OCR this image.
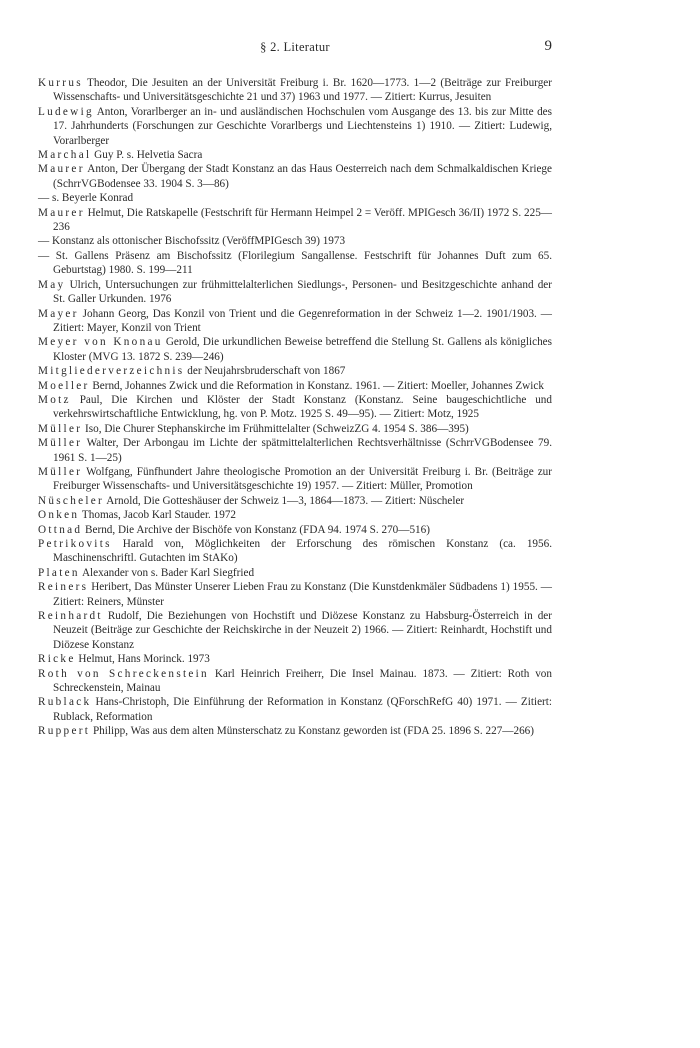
§ 2. Literatur	9
Kurrus Theodor, Die Jesuiten an der Universität Freiburg i. Br. 1620—1773. 1—2 (Beiträge zur Freiburger Wissenschafts- und Universitätsgeschichte 21 und 37) 1963 und 1977. — Zitiert: Kurrus, Jesuiten
Ludewig Anton, Vorarlberger an in- und ausländischen Hochschulen vom Ausgange des 13. bis zur Mitte des 17. Jahrhunderts (Forschungen zur Geschichte Vorarlbergs und Liechtensteins 1) 1910. — Zitiert: Ludewig, Vorarlberger
Marchal Guy P. s. Helvetia Sacra
Maurer Anton, Der Übergang der Stadt Konstanz an das Haus Oesterreich nach dem Schmalkaldischen Kriege (SchrrVGBodensee 33. 1904 S. 3—86)
— s. Beyerle Konrad
Maurer Helmut, Die Ratskapelle (Festschrift für Hermann Heimpel 2 = Veröff. MPIGesch 36/II) 1972 S. 225—236
— Konstanz als ottonischer Bischofssitz (VeröffMPIGesch 39) 1973
— St. Gallens Präsenz am Bischofssitz (Florilegium Sangallense. Festschrift für Johannes Duft zum 65. Geburtstag) 1980. S. 199—211
May Ulrich, Untersuchungen zur frühmittelalterlichen Siedlungs-, Personen- und Besitzgeschichte anhand der St. Galler Urkunden. 1976
Mayer Johann Georg, Das Konzil von Trient und die Gegenreformation in der Schweiz 1—2. 1901/1903. — Zitiert: Mayer, Konzil von Trient
Meyer von Knonau Gerold, Die urkundlichen Beweise betreffend die Stellung St. Gallens als königliches Kloster (MVG 13. 1872 S. 239—246)
Mitgliederverzeichnis der Neujahrsbruderschaft von 1867
Moeller Bernd, Johannes Zwick und die Reformation in Konstanz. 1961. — Zitiert: Moeller, Johannes Zwick
Motz Paul, Die Kirchen und Klöster der Stadt Konstanz (Konstanz. Seine baugeschichtliche und verkehrswirtschaftliche Entwicklung, hg. von P. Motz. 1925 S. 49—95). — Zitiert: Motz, 1925
Müller Iso, Die Churer Stephanskirche im Frühmittelalter (SchweizZG 4. 1954 S. 386—395)
Müller Walter, Der Arbongau im Lichte der spätmittelalterlichen Rechtsverhältnisse (SchrrVGBodensee 79. 1961 S. 1—25)
Müller Wolfgang, Fünfhundert Jahre theologische Promotion an der Universität Freiburg i. Br. (Beiträge zur Freiburger Wissenschafts- und Universitätsgeschichte 19) 1957. — Zitiert: Müller, Promotion
Nüscheler Arnold, Die Gotteshäuser der Schweiz 1—3, 1864—1873. — Zitiert: Nüscheler
Onken Thomas, Jacob Karl Stauder. 1972
Ottnad Bernd, Die Archive der Bischöfe von Konstanz (FDA 94. 1974 S. 270—516)
Petrikovits Harald von, Möglichkeiten der Erforschung des römischen Konstanz (ca. 1956. Maschinenschriftl. Gutachten im StAKo)
Platen Alexander von s. Bader Karl Siegfried
Reiners Heribert, Das Münster Unserer Lieben Frau zu Konstanz (Die Kunstdenkmäler Südbadens 1) 1955. — Zitiert: Reiners, Münster
Reinhardt Rudolf, Die Beziehungen von Hochstift und Diözese Konstanz zu Habsburg-Österreich in der Neuzeit (Beiträge zur Geschichte der Reichskirche in der Neuzeit 2) 1966. — Zitiert: Reinhardt, Hochstift und Diözese Konstanz
Ricke Helmut, Hans Morinck. 1973
Roth von Schreckenstein Karl Heinrich Freiherr, Die Insel Mainau. 1873. — Zitiert: Roth von Schreckenstein, Mainau
Rublack Hans-Christoph, Die Einführung der Reformation in Konstanz (QForschRefG 40) 1971. — Zitiert: Rublack, Reformation
Ruppert Philipp, Was aus dem alten Münsterschatz zu Konstanz geworden ist (FDA 25. 1896 S. 227—266)
